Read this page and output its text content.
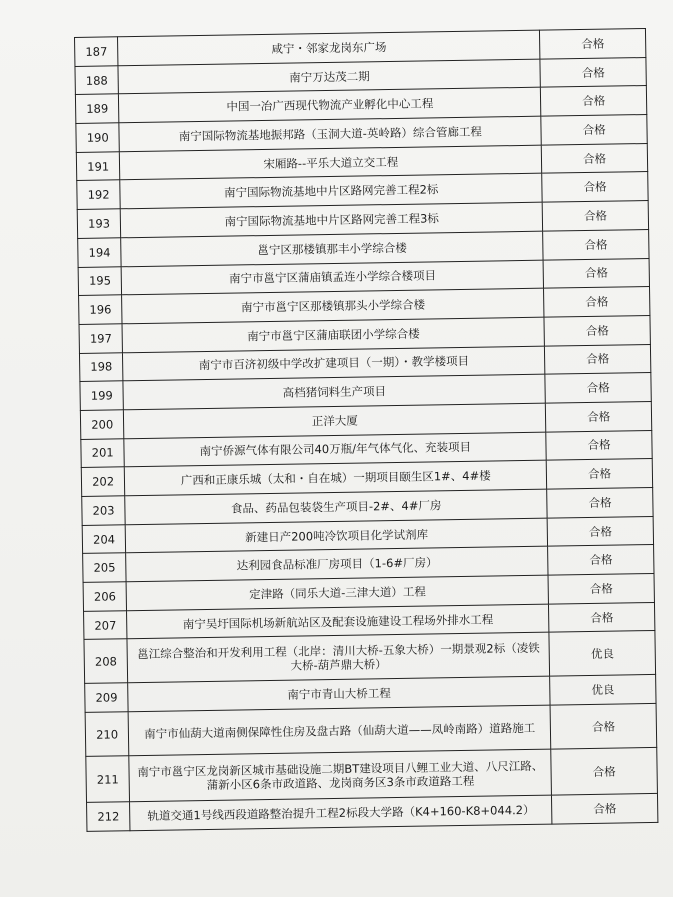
187	咸宁・邻家龙岗东广场	合格
188	南宁万达茂二期	合格
189	中国一冶广西现代物流产业孵化中心工程	合格
190	南宁国际物流基地振邦路（玉洞大道-英岭路）综合管廊工程	合格
191	宋厢路--平乐大道立交工程	合格
192	南宁国际物流基地中片区路网完善工程2标	合格
193	南宁国际物流基地中片区路网完善工程3标	合格
194	邕宁区那楼镇那丰小学综合楼	合格
195	南宁市邕宁区蒲庙镇孟连小学综合楼项目	合格
196	南宁市邕宁区那楼镇那头小学综合楼	合格
197	南宁市邕宁区蒲庙联团小学综合楼	合格
198	南宁市百济初级中学改扩建项目（一期）・教学楼项目	合格
199	高档猪饲料生产项目	合格
200	正洋大厦	合格
201	南宁侨源气体有限公司40万瓶/年气体气化、充装项目	合格
202	广西和正康乐城（太和・自在城）一期项目颐生区1#、4#楼	合格
203	食品、药品包装袋生产项目-2#、4#厂房	合格
204	新建日产200吨冷饮项目化学试剂库	合格
205	达利园食品标准厂房项目（1-6#厂房）	合格
206	定津路（同乐大道-三津大道）工程	合格
207	南宁吴圩国际机场新航站区及配套设施建设工程场外排水工程	合格
208	邕江综合整治和开发利用工程（北岸：清川大桥-五象大桥）一期景观2标（凌铁大桥-葫芦鼎大桥）	优良
209	南宁市青山大桥工程	优良
210	南宁市仙葫大道南侧保障性住房及盘古路（仙葫大道——凤岭南路）道路施工	合格
211	南宁市邕宁区龙岗新区城市基础设施二期BT建设项目八鲤工业大道、八尺江路、蒲新小区6条市政道路、龙岗商务区3条市政道路工程	合格
212	轨道交通1号线西段道路整治提升工程2标段大学路（K4+160-K8+044.2）	合格
